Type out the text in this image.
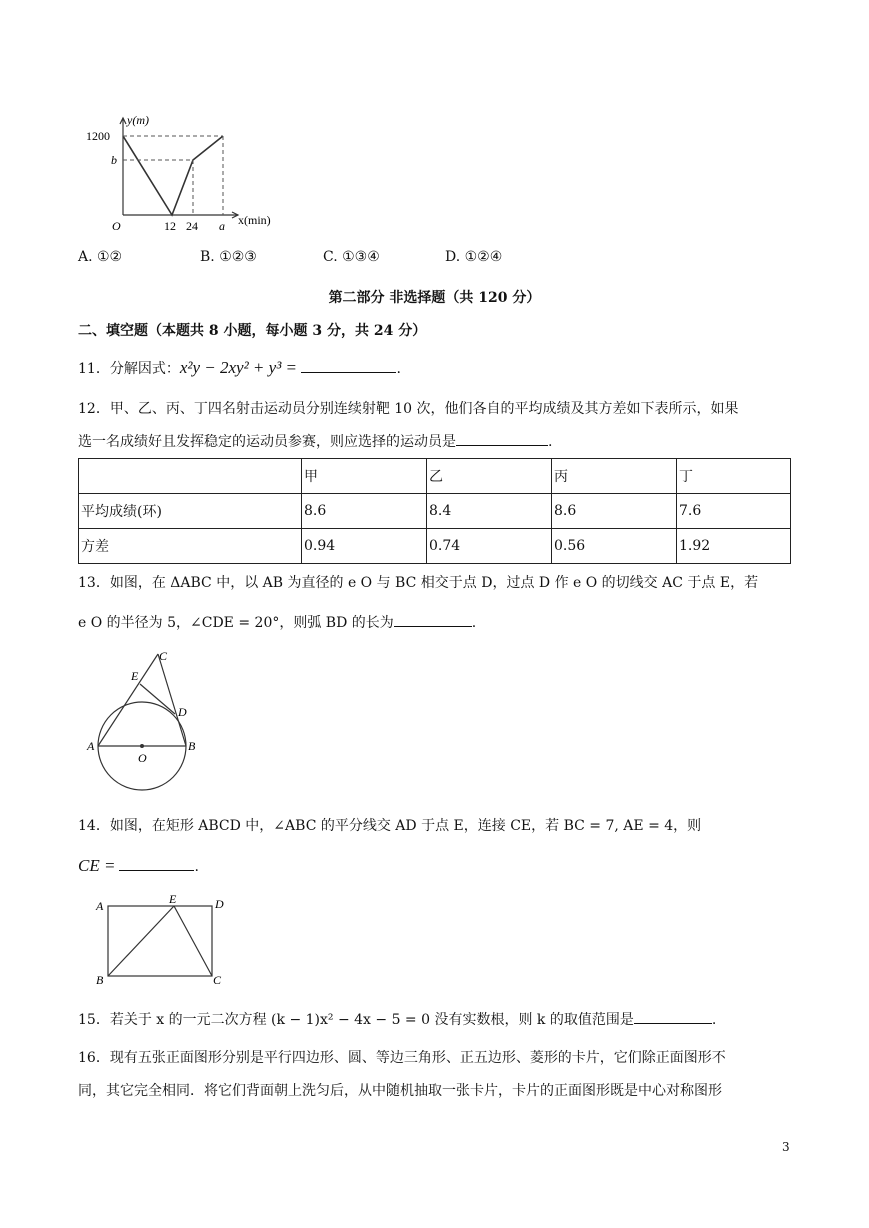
y(m)
1200
b
O	12 24 a x(min)
A. ①②	B. ①②③	C. ①③④	D. ①②④
第二部分 非选择题（共 120 分）
二、填空题（本题共 8 小题，每小题 3 分，共 24 分）
11．分解因式：x²y − 2xy² + y³ =	.
12．甲、乙、丙、丁四名射击运动员分别连续射靶 10 次，他们各自的平均成绩及其方差如下表所示，如果
选一名成绩好且发挥稳定的运动员参赛，则应选择的运动员是	.
	甲	乙	丙	丁
平均成绩(环)	8.6	8.4	8.6	7.6
方差	0.94	0.74	0.56	1.92
13．如图，在 ΔABC 中，以 AB 为直径的 e O 与 BC 相交于点 D，过点 D 作 e O 的切线交 AC 于点 E，若
e O 的半径为 5，∠CDE = 20°，则弧 BD 的长为	.
C
E
D
A
O
B
14．如图，在矩形 ABCD 中，∠ABC 的平分线交 AD 于点 E，连接 CE，若 BC = 7, AE = 4，则
CE =	.
A	E	D
B	C
15．若关于 x 的一元二次方程 (k − 1)x² − 4x − 5 = 0 没有实数根，则 k 的取值范围是	.
16．现有五张正面图形分别是平行四边形、圆、等边三角形、正五边形、菱形的卡片，它们除正面图形不
同，其它完全相同．将它们背面朝上洗匀后，从中随机抽取一张卡片，卡片的正面图形既是中心对称图形
3
